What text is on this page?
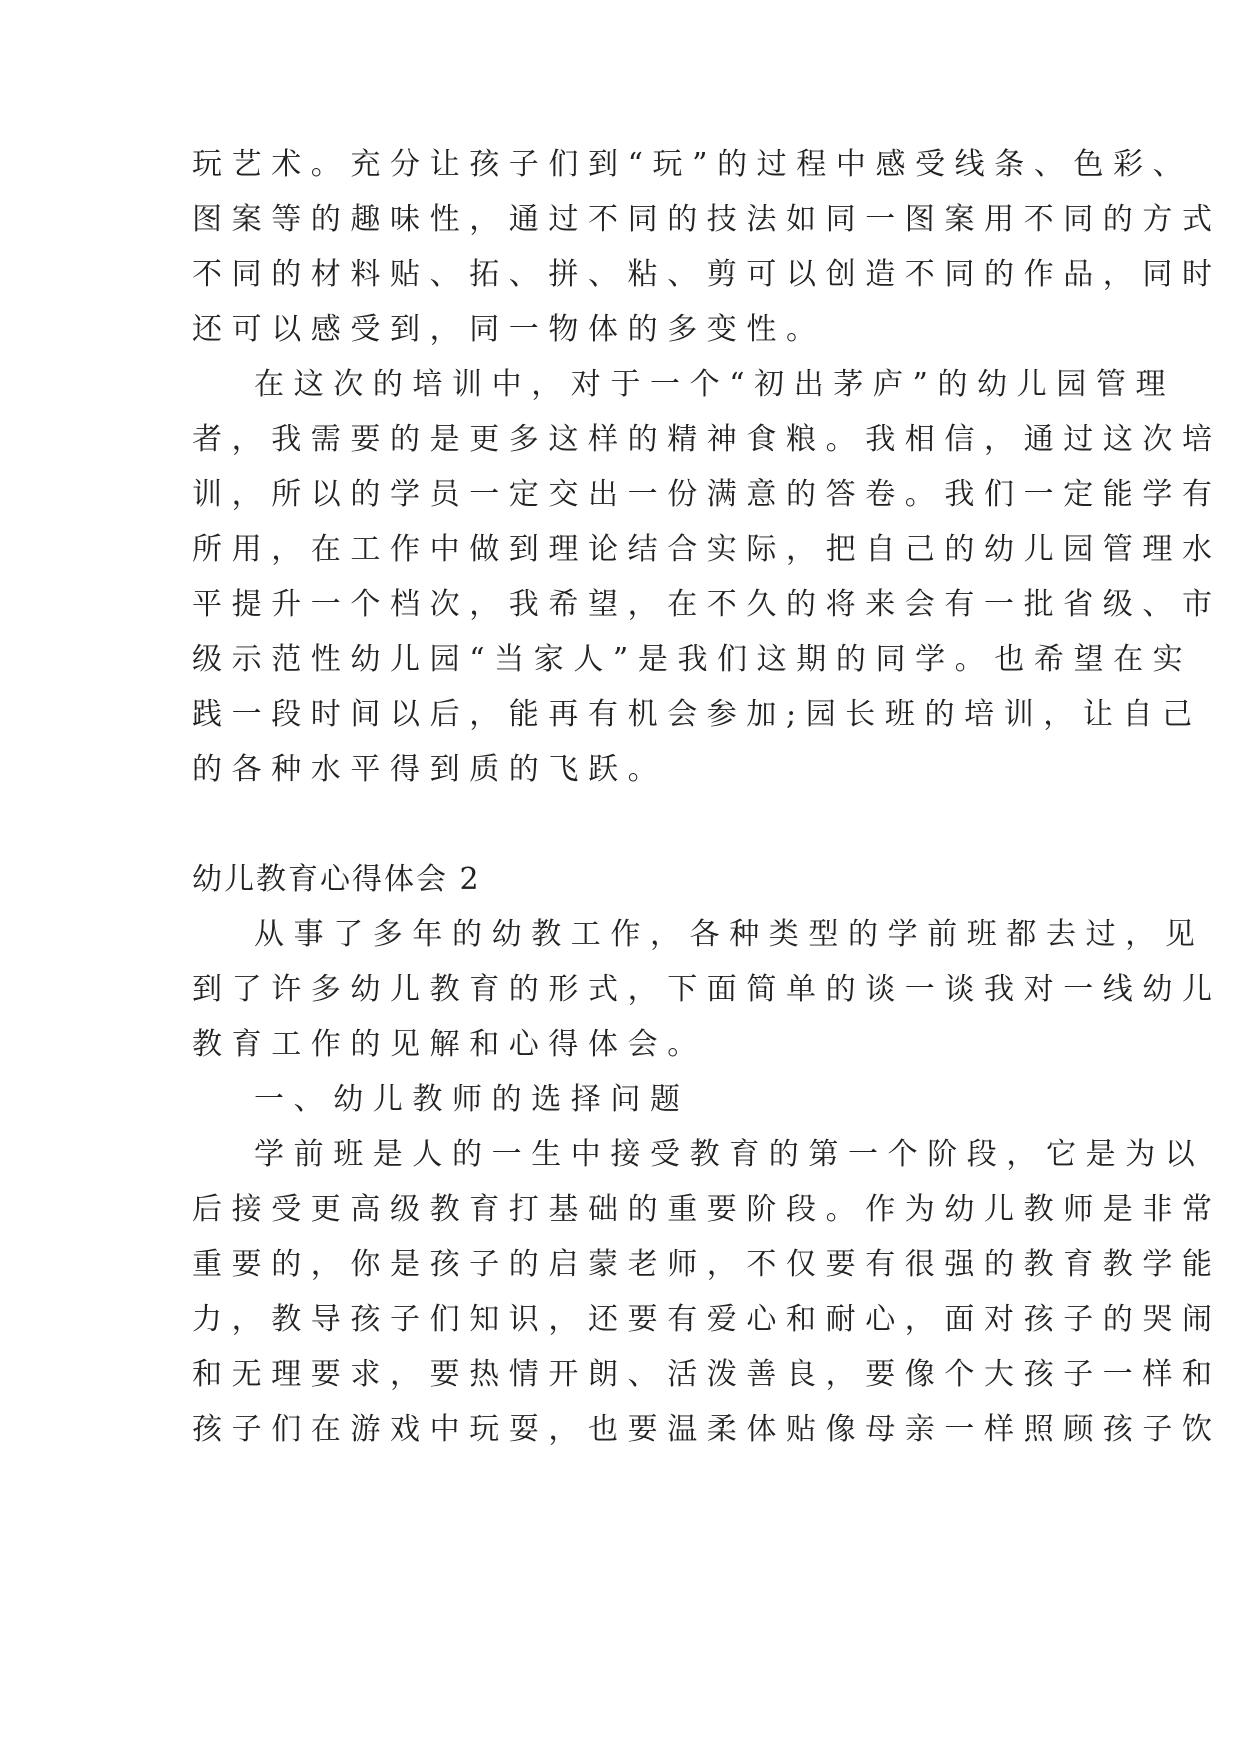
玩艺术。充分让孩子们到“玩”的过程中感受线条、色彩、

图案等的趣味性，通过不同的技法如同一图案用不同的方式

不同的材料贴、拓、拼、粘、剪可以创造不同的作品，同时

还可以感受到，同一物体的多变性。

在这次的培训中，对于一个“初出茅庐”的幼儿园管理

者，我需要的是更多这样的精神食粮。我相信，通过这次培

训，所以的学员一定交出一份满意的答卷。我们一定能学有

所用，在工作中做到理论结合实际，把自己的幼儿园管理水

平提升一个档次，我希望，在不久的将来会有一批省级、市

级示范性幼儿园“当家人”是我们这期的同学。也希望在实

践一段时间以后，能再有机会参加;园长班的培训，让自己

的各种水平得到质的飞跃。

幼儿教育心得体会 2

从事了多年的幼教工作，各种类型的学前班都去过，见

到了许多幼儿教育的形式，下面简单的谈一谈我对一线幼儿

教育工作的见解和心得体会。

一、幼儿教师的选择问题

学前班是人的一生中接受教育的第一个阶段，它是为以

后接受更高级教育打基础的重要阶段。作为幼儿教师是非常

重要的，你是孩子的启蒙老师，不仅要有很强的教育教学能

力，教导孩子们知识，还要有爱心和耐心，面对孩子的哭闹

和无理要求，要热情开朗、活泼善良，要像个大孩子一样和

孩子们在游戏中玩耍，也要温柔体贴像母亲一样照顾孩子饮
